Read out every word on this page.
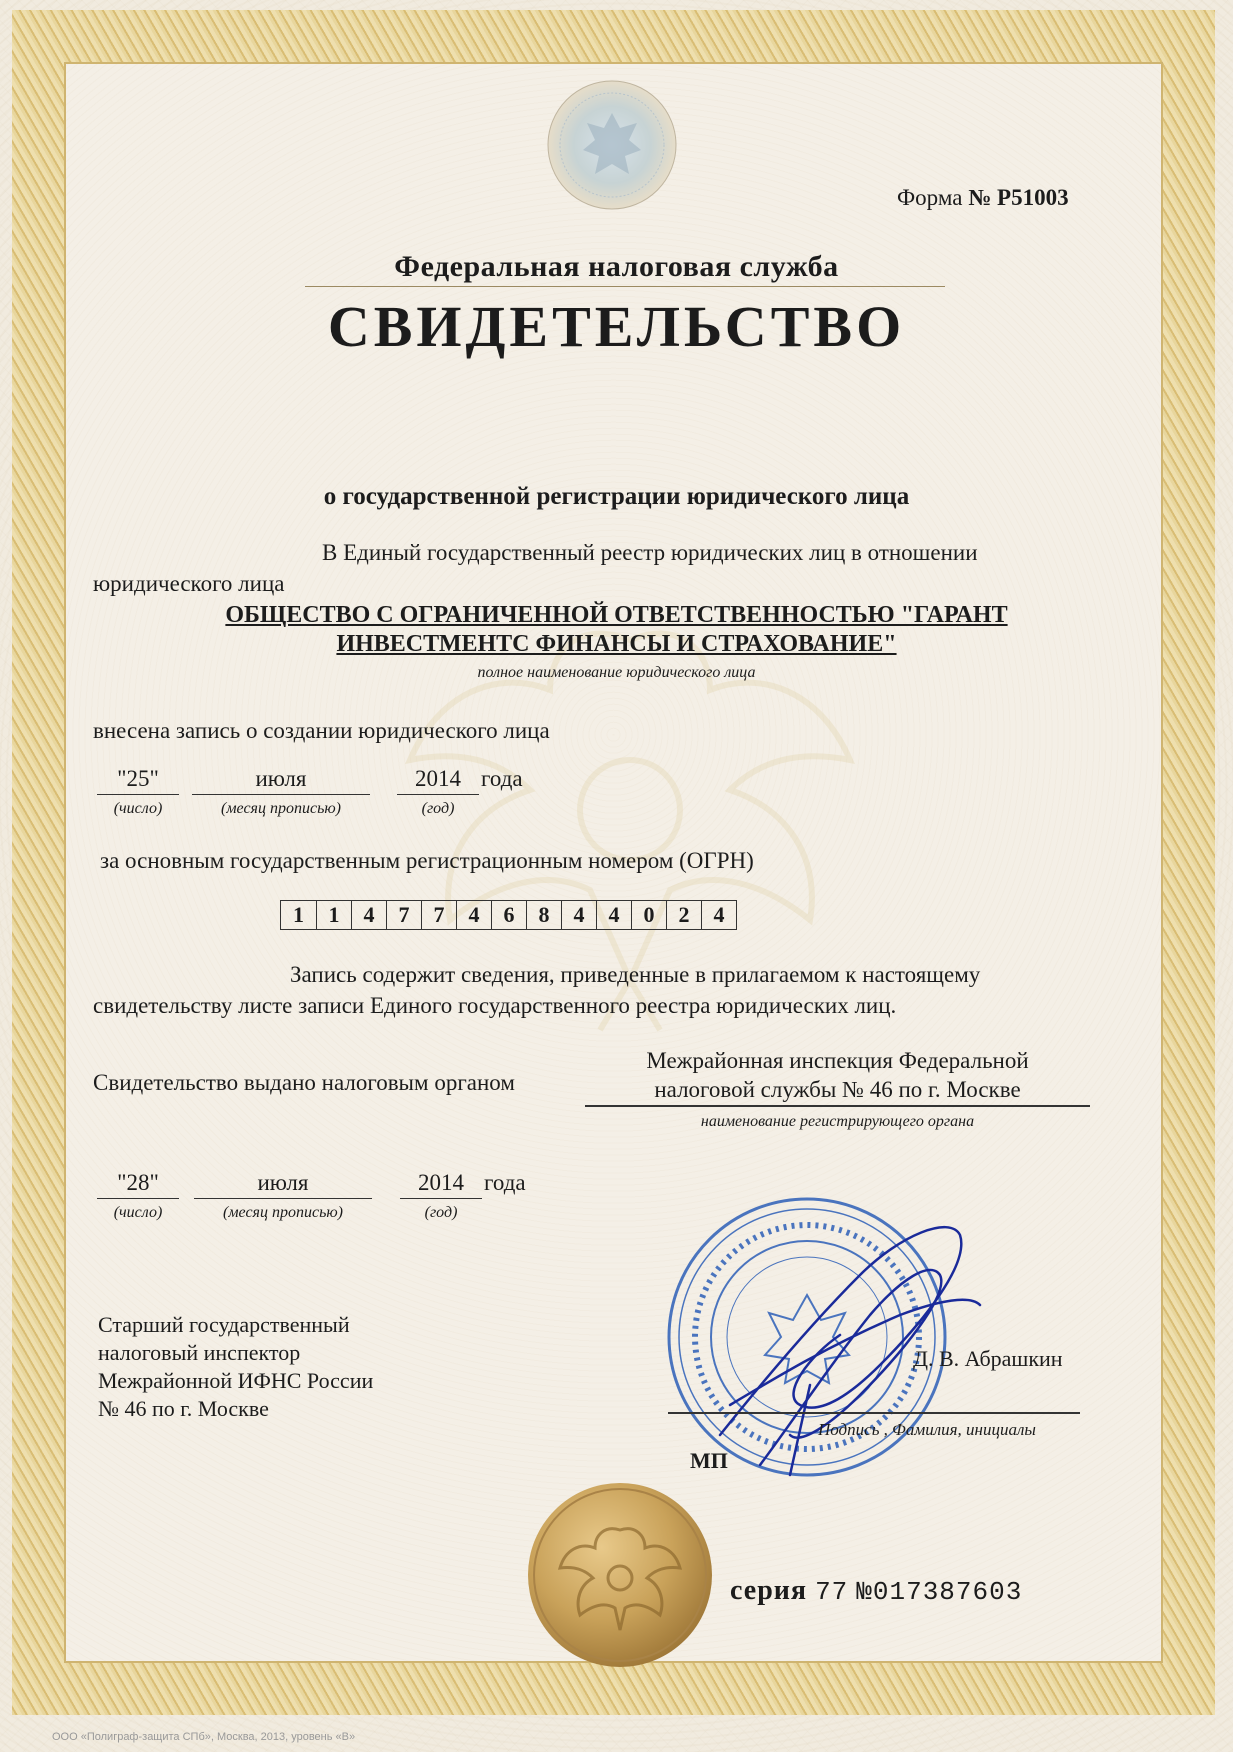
Форма № Р51003
Федеральная налоговая служба
СВИДЕТЕЛЬСТВО
о государственной регистрации юридического лица
В Единый государственный реестр юридических лиц в отношении
юридического лица
ОБЩЕСТВО С ОГРАНИЧЕННОЙ ОТВЕТСТВЕННОСТЬЮ "ГАРАНТ
ИНВЕСТМЕНТС ФИНАНСЫ И СТРАХОВАНИЕ"
полное наименование юридического лица
внесена запись о создании юридического лица
"25"	июля	2014 года
(число)	(месяц прописью)	(год)
за основным государственным регистрационным номером (ОГРН)
1	1	4	7	7	4	6	8	4	4	0	2	4
Запись содержит сведения, приведенные в прилагаемом к настоящему
свидетельству листе записи Единого государственного реестра юридических лиц.
Свидетельство выдано налоговым органом
Межрайонная инспекция Федеральной
налоговой службы № 46 по г. Москве
наименование регистрирующего органа
"28"	июля	2014 года
(число)	(месяц прописью)	(год)
Старший государственный
налоговый инспектор
Межрайонной ИФНС России
№ 46 по г. Москве
Д. В. Абрашкин
Подпись , Фамилия, инициалы
МП
серия 77 №017387603
ООО «Полиграф-защита СПб», Москва, 2013, уровень «В»
